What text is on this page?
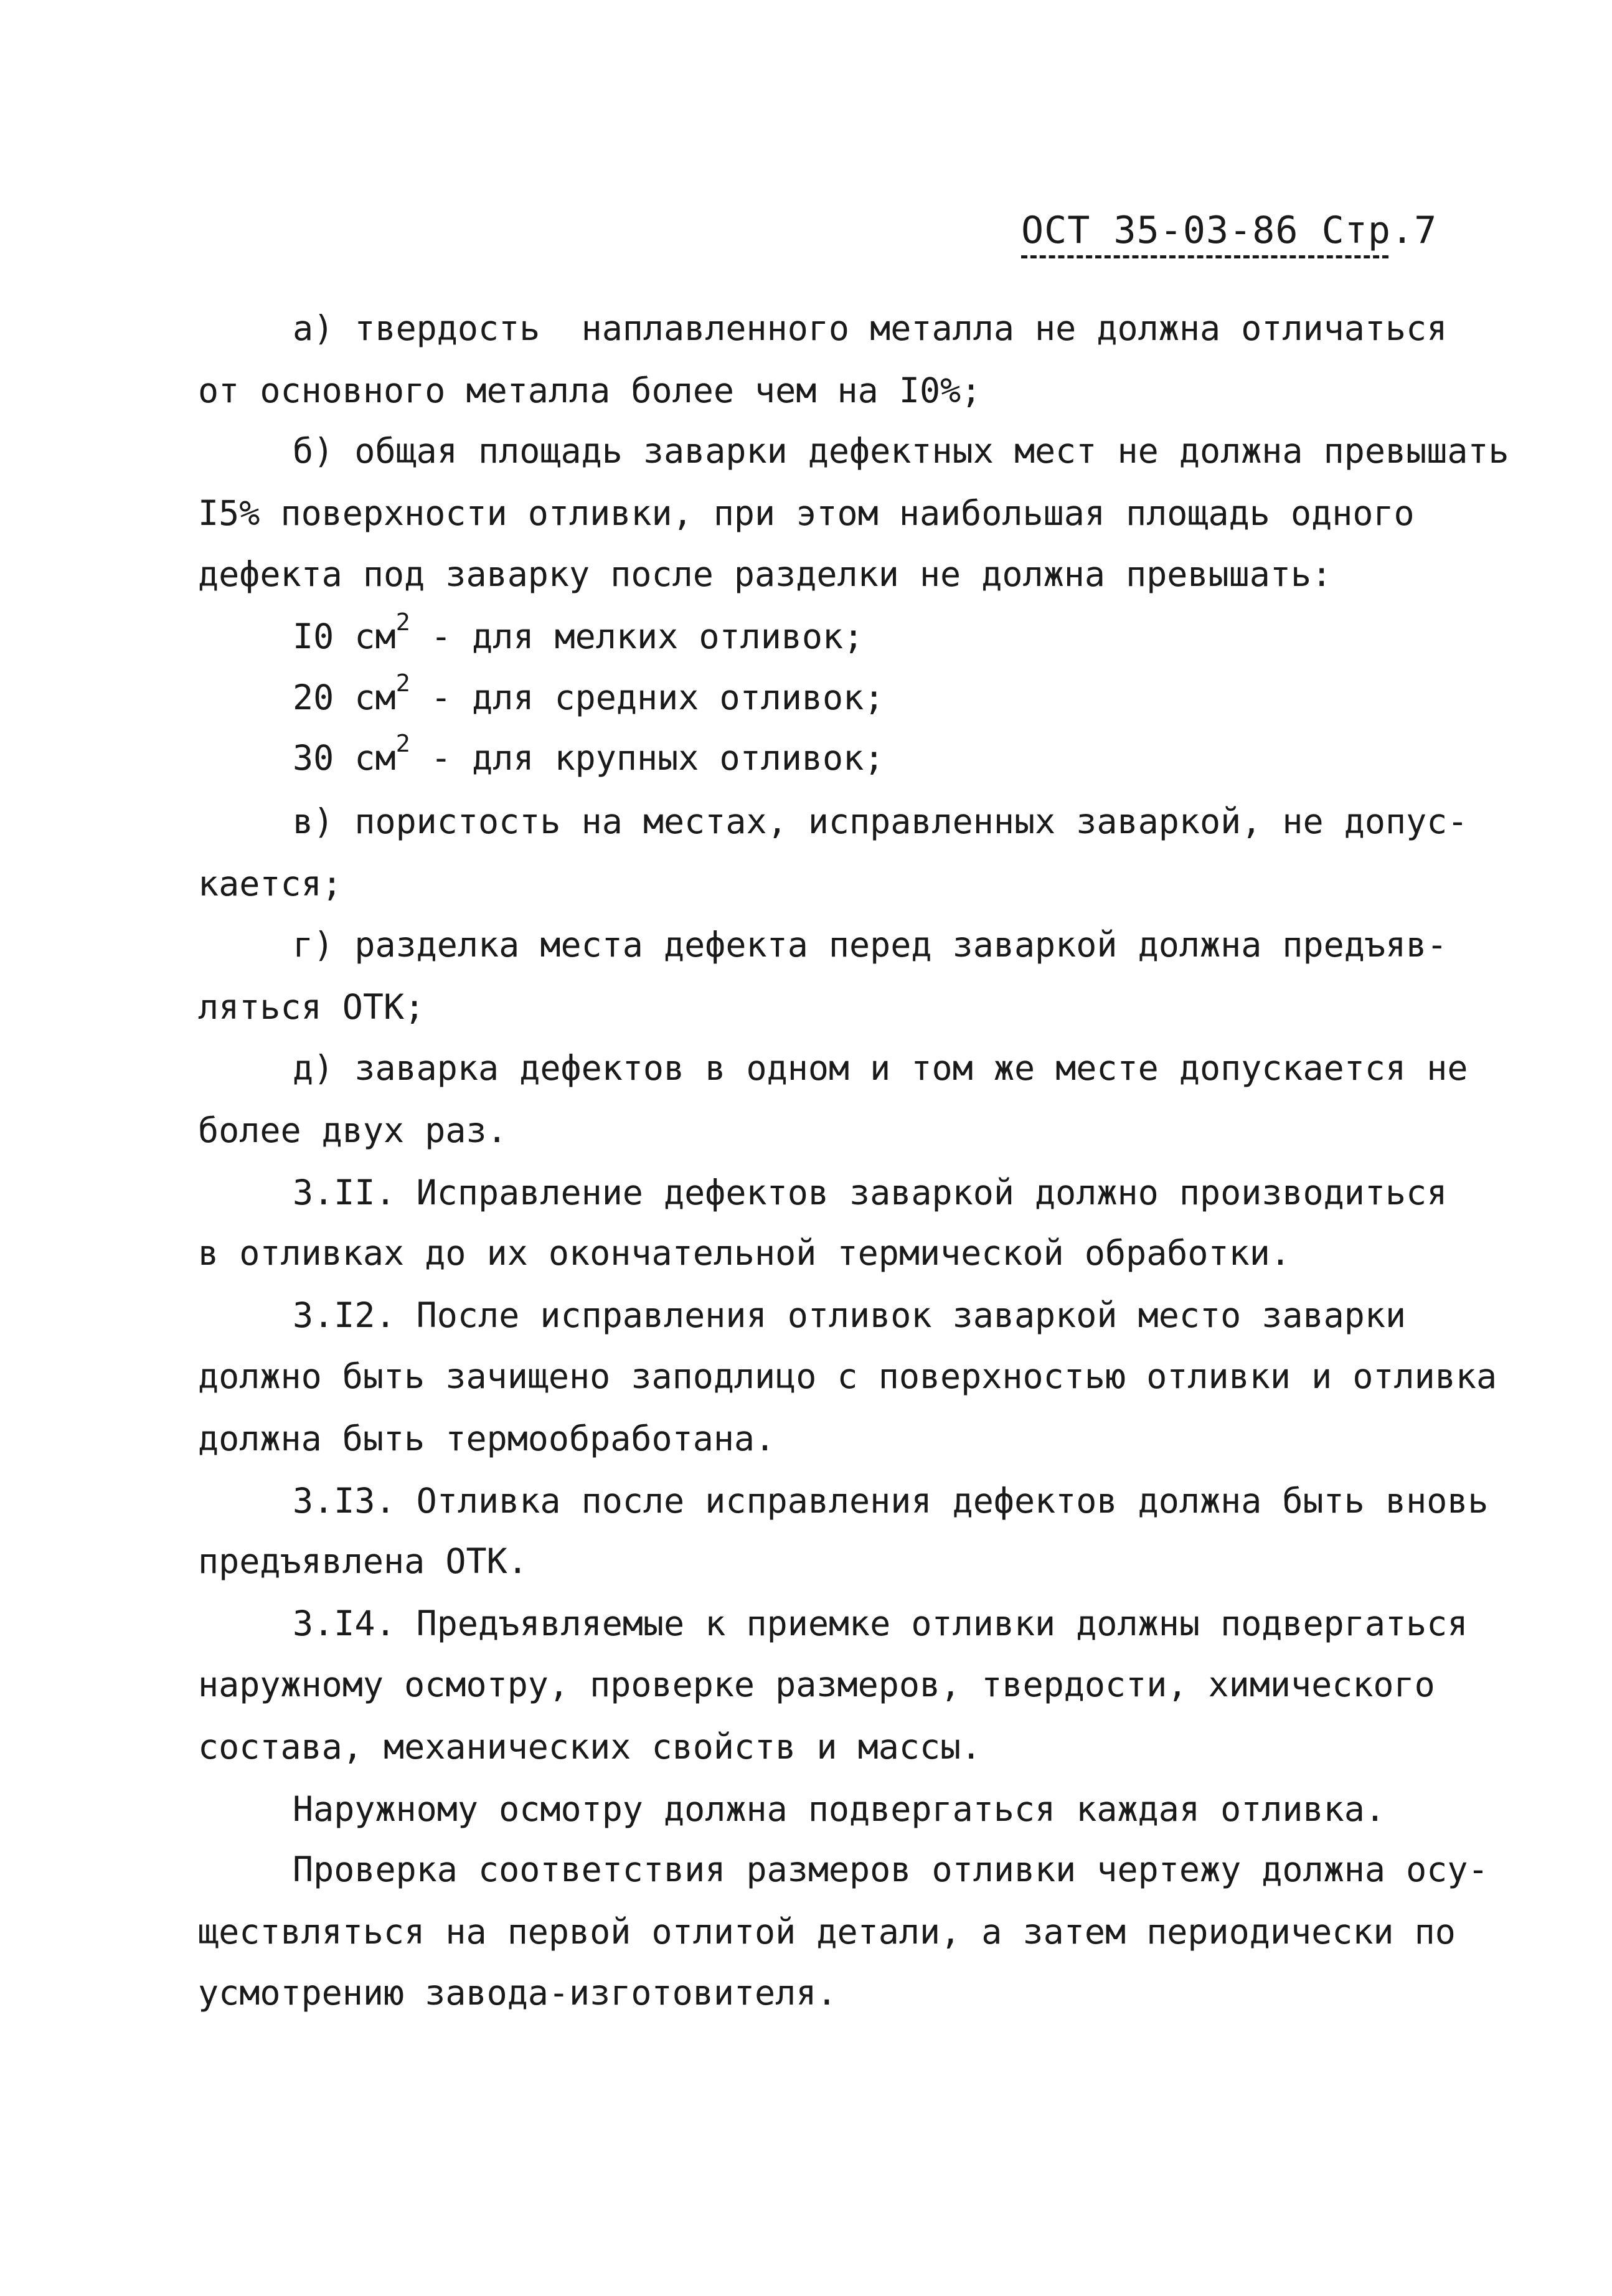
ОСТ 35-03-86 Стр.7
а) твердость  наплавленного металла не должна отличаться
от основного металла более чем на I0%;
б) общая площадь заварки дефектных мест не должна превышать
I5% поверхности отливки, при этом наибольшая площадь одного
дефекта под заварку после разделки не должна превышать:
I0 $см^2$ - для мелких отливок;
20 $см^2$ - для средних отливок;
30 $см^2$ - для крупных отливок;
в) пористость на местах, исправленных заваркой, не допус-
кается;
г) разделка места дефекта перед заваркой должна предъяв-
ляться ОТК;
д) заварка дефектов в одном и том же месте допускается не
более двух раз.
3.II. Исправление дефектов заваркой должно производиться
в отливках до их окончательной термической обработки.
3.I2. После исправления отливок заваркой место заварки
должно быть зачищено заподлицо с поверхностью отливки и отливка
должна быть термообработана.
3.I3. Отливка после исправления дефектов должна быть вновь
предъявлена ОТК.
3.I4. Предъявляемые к приемке отливки должны подвергаться
наружному осмотру, проверке размеров, твердости, химического
состава, механических свойств и массы.
Наружному осмотру должна подвергаться каждая отливка.
Проверка соответствия размеров отливки чертежу должна осу-
ществляться на первой отлитой детали, а затем периодически по
усмотрению завода-изготовителя.
